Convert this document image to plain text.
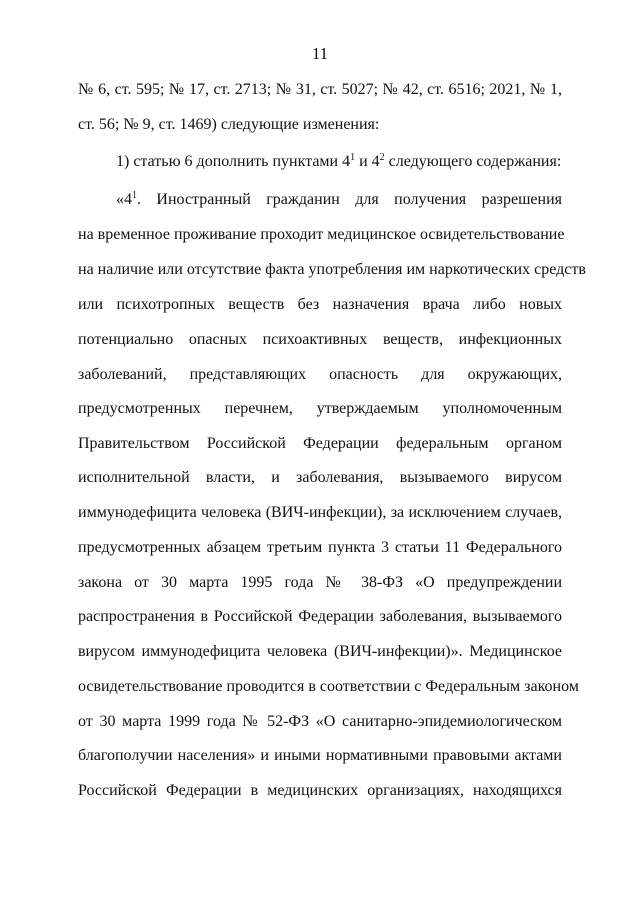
11
№ 6, ст. 595; № 17, ст. 2713; № 31, ст. 5027; № 42, ст. 6516; 2021, № 1,
ст. 56; № 9, ст. 1469) следующие изменения:
1) статью 6 дополнить пунктами $4^1$ и $4^2$ следующего содержания:
«$4^1$. Иностранный гражданин для получения разрешения
на временное проживание проходит медицинское освидетельствование
на наличие или отсутствие факта употребления им наркотических средств
или психотропных веществ без назначения врача либо новых
потенциально опасных психоактивных веществ, инфекционных
заболеваний, представляющих опасность для окружающих,
предусмотренных перечнем, утверждаемым уполномоченным
Правительством Российской Федерации федеральным органом
исполнительной власти, и заболевания, вызываемого вирусом
иммунодефицита человека (ВИЧ-инфекции), за исключением случаев,
предусмотренных абзацем третьим пункта 3 статьи 11 Федерального
закона от 30 марта 1995 года № 38-ФЗ «О предупреждении
распространения в Российской Федерации заболевания, вызываемого
вирусом иммунодефицита человека (ВИЧ-инфекции)». Медицинское
освидетельствование проводится в соответствии с Федеральным законом
от 30 марта 1999 года № 52-ФЗ «О санитарно-эпидемиологическом
благополучии населения» и иными нормативными правовыми актами
Российской Федерации в медицинских организациях, находящихся
